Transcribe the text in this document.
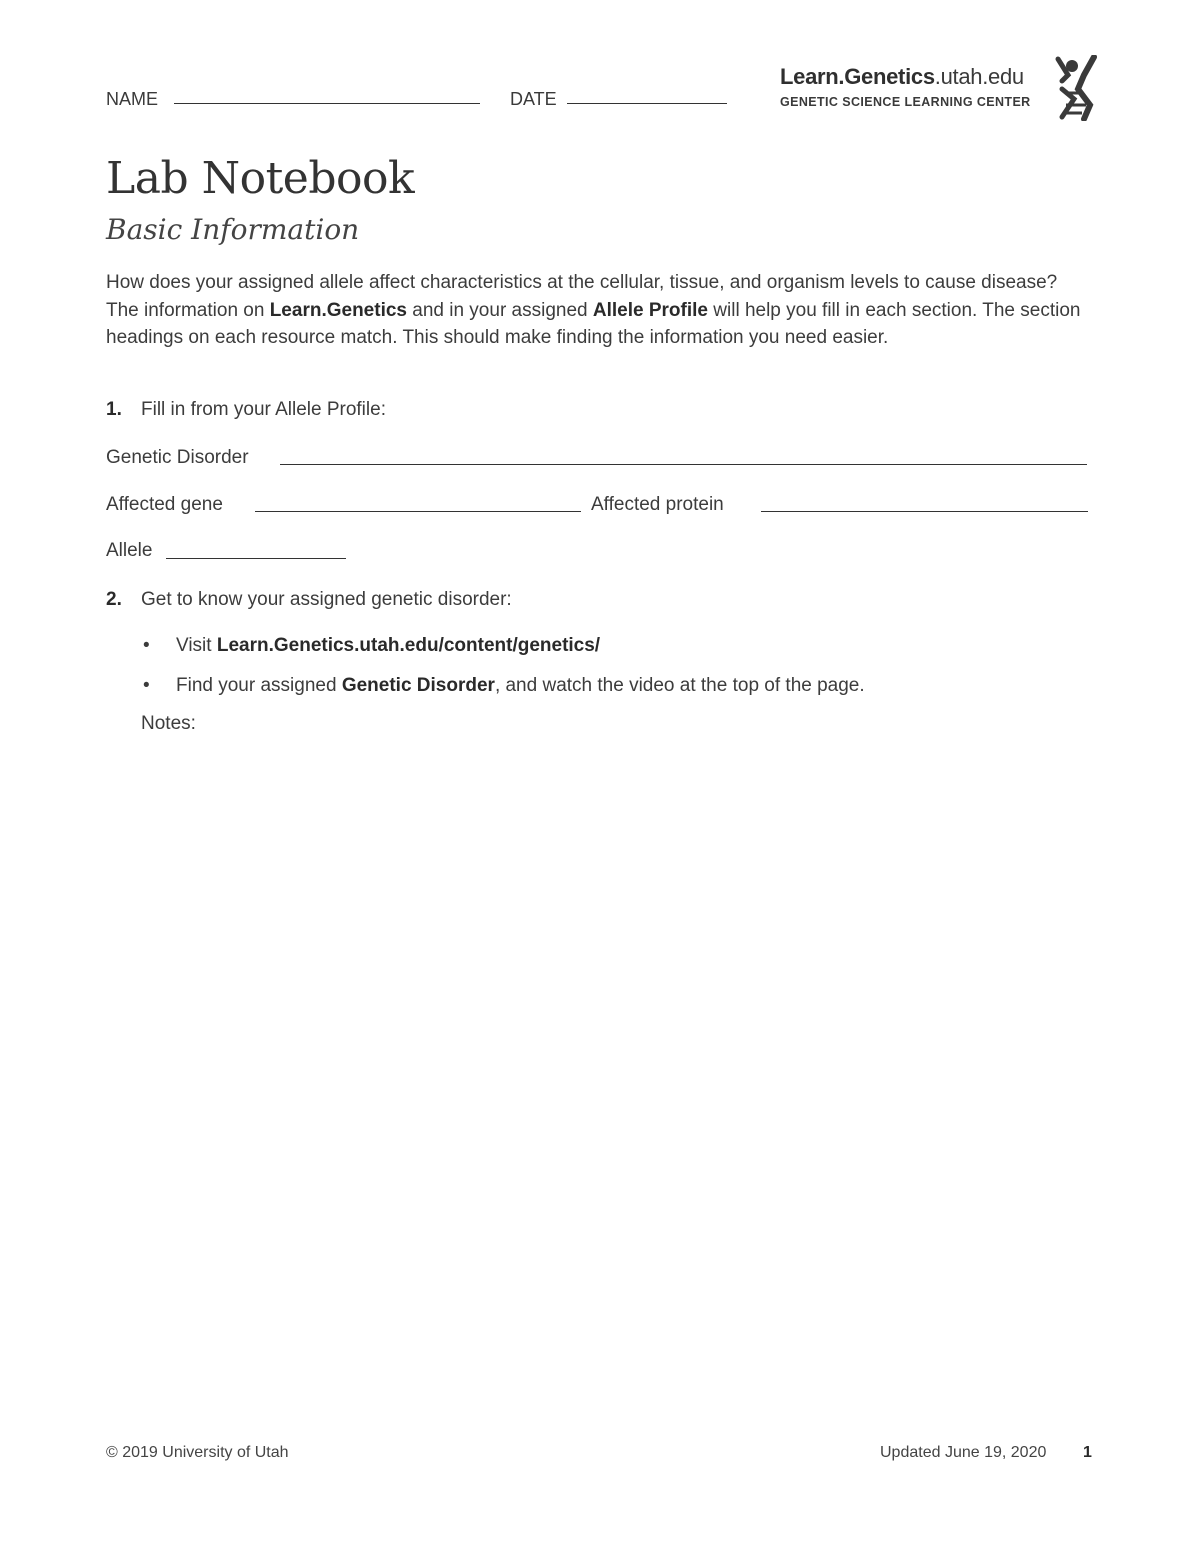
NAME	DATE
Learn.Genetics.utah.edu
GENETIC SCIENCE LEARNING CENTER
Lab Notebook
Basic Information
How does your assigned allele affect characteristics at the cellular, tissue, and organism levels to cause disease? The information on Learn.Genetics and in your assigned Allele Profile will help you fill in each section. The section headings on each resource match. This should make finding the information you need easier.
1. Fill in from your Allele Profile:
Genetic Disorder
Affected gene	Affected protein
Allele
2. Get to know your assigned genetic disorder:
• Visit Learn.Genetics.utah.edu/content/genetics/
• Find your assigned Genetic Disorder, and watch the video at the top of the page.
Notes:
© 2019 University of Utah	Updated June 19, 2020 1
